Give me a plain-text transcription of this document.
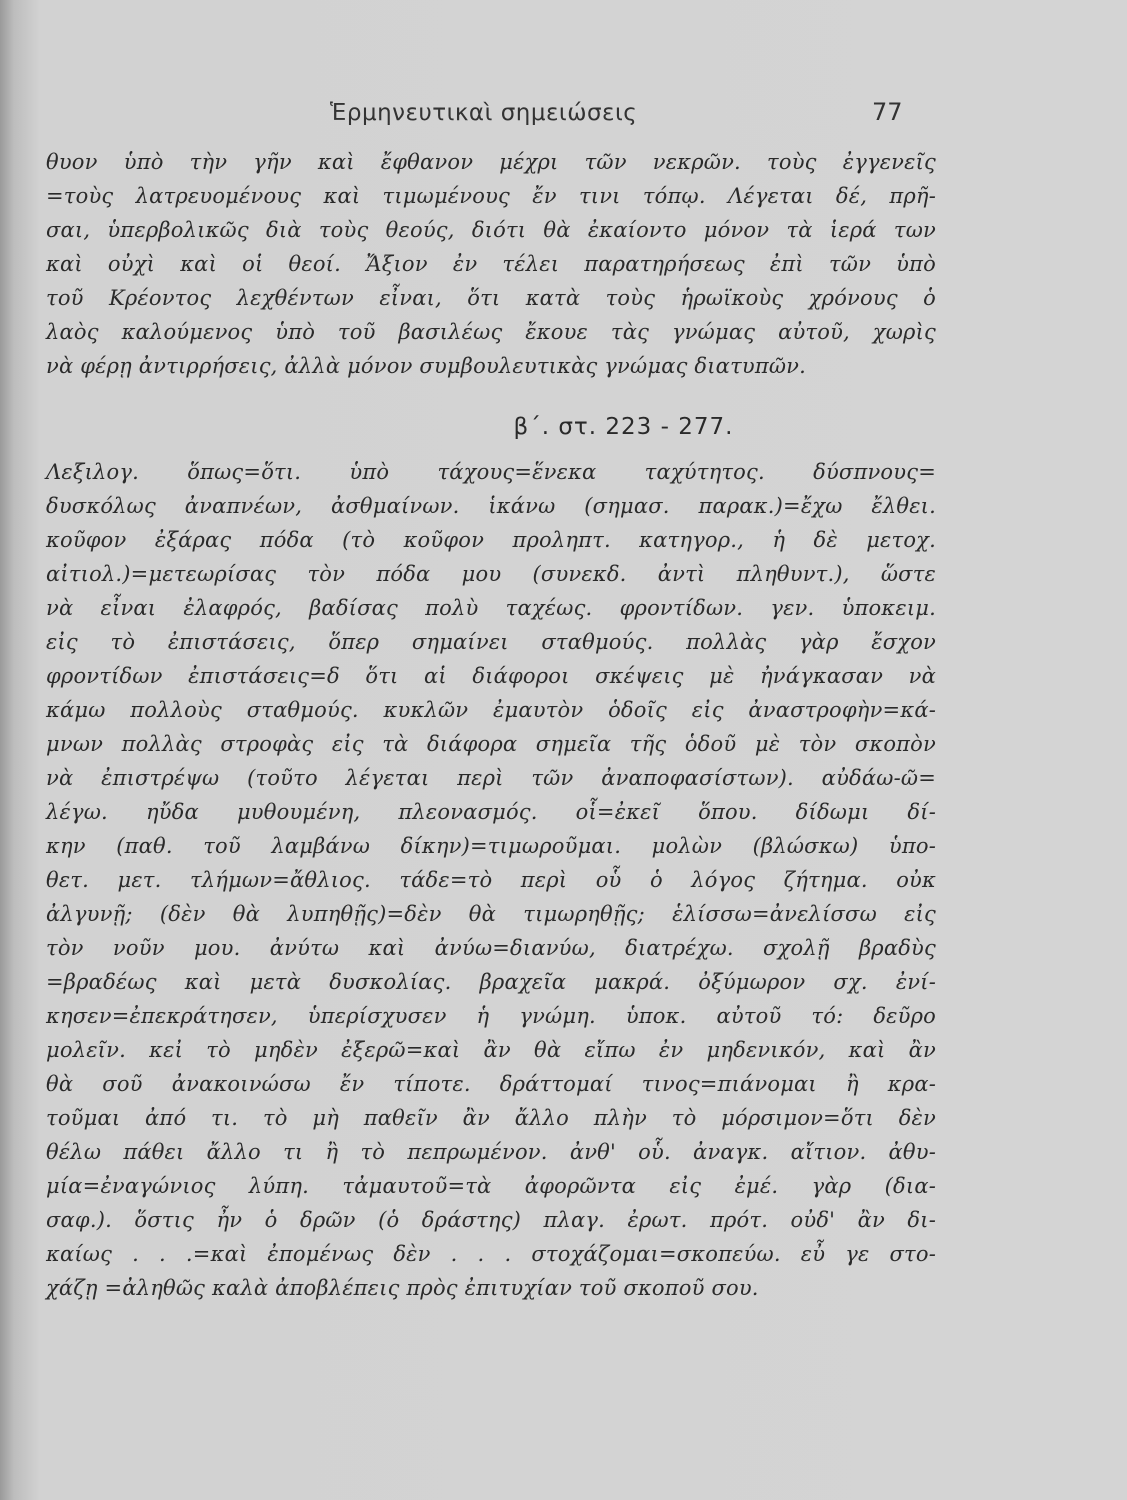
Ἑρμηνευτικαὶ σημειώσεις	77
θυον ὑπὸ τὴν γῆν καὶ ἔφθανον μέχρι τῶν νεκρῶν. τοὺς ἐγγενεῖς
=τοὺς λατρευομένους καὶ τιμωμένους ἔν τινι τόπῳ. Λέγεται δέ, πρῆ-
σαι, ὑπερβολικῶς διὰ τοὺς θεούς, διότι θὰ ἐκαίοντο μόνον τὰ ἱερά των
καὶ οὐχὶ καὶ οἱ θεοί. Ἄξιον ἐν τέλει παρατηρήσεως ἐπὶ τῶν ὑπὸ
τοῦ Κρέοντος λεχθέντων εἶναι, ὅτι κατὰ τοὺς ἡρωϊκοὺς χρόνους ὁ
λαὸς καλούμενος ὑπὸ τοῦ βασιλέως ἔκουε τὰς γνώμας αὐτοῦ, χωρὶς
νὰ φέρῃ ἀντιρρήσεις, ἀλλὰ μόνον συμβουλευτικὰς γνώμας διατυπῶν.
Λεξιλογ. ὅπως=ὅτι. ὑπὸ τάχους=ἕνεκα ταχύτητος. δύσπνους=
δυσκόλως ἀναπνέων, ἀσθμαίνων. ἱκάνω (σημασ. παρακ.)=ἔχω ἔλθει.
κοῦφον ἐξάρας πόδα (τὸ κοῦφον προληπτ. κατηγορ., ἡ δὲ μετοχ.
αἰτιολ.)=μετεωρίσας τὸν πόδα μου (συνεκδ. ἀντὶ πληθυντ.), ὥστε
νὰ εἶναι ἐλαφρός, βαδίσας πολὺ ταχέως. φροντίδων. γεν. ὑποκειμ.
εἰς τὸ ἐπιστάσεις, ὅπερ σημαίνει σταθμούς. πολλὰς γὰρ ἔσχον
φροντίδων ἐπιστάσεις=δ ὅτι αἱ διάφοροι σκέψεις μὲ ἠνάγκασαν νὰ
κάμω πολλοὺς σταθμούς. κυκλῶν ἐμαυτὸν ὁδοῖς εἰς ἀναστροφὴν=κά-
μνων πολλὰς στροφὰς εἰς τὰ διάφορα σημεῖα τῆς ὁδοῦ μὲ τὸν σκοπὸν
νὰ ἐπιστρέψω (τοῦτο λέγεται περὶ τῶν ἀναποφασίστων). αὐδάω-ῶ=
λέγω. ηὔδα μυθουμένη, πλεονασμός. οἷ=ἐκεῖ ὅπου. δίδωμι δί-
κην (παθ. τοῦ λαμβάνω δίκην)=τιμωροῦμαι. μολὼν (βλώσκω) ὑπο-
θετ. μετ. τλήμων=ἄθλιος. τάδε=τὸ περὶ οὗ ὁ λόγος ζήτημα. οὐκ
ἀλγυνῇ; (δὲν θὰ λυπηθῇς)=δὲν θὰ τιμωρηθῇς; ἑλίσσω=ἀνελίσσω εἰς
τὸν νοῦν μου. ἀνύτω καὶ ἀνύω=διανύω, διατρέχω. σχολῇ βραδὺς
=βραδέως καὶ μετὰ δυσκολίας. βραχεῖα μακρά. ὀξύμωρον σχ. ἐνί-
κησεν=ἐπεκράτησεν, ὑπερίσχυσεν ἡ γνώμη. ὑποκ. αὐτοῦ τό: δεῦρο
μολεῖν. κεἰ τὸ μηδὲν ἐξερῶ=καὶ ἂν θὰ εἴπω ἐν μηδενικόν, καὶ ἂν
θὰ σοῦ ἀνακοινώσω ἔν τίποτε. δράττομαί τινος=πιάνομαι ἢ κρα-
τοῦμαι ἀπό τι. τὸ μὴ παθεῖν ἂν ἄλλο πλὴν τὸ μόρσιμον=ὅτι δὲν
θέλω πάθει ἄλλο τι ἢ τὸ πεπρωμένον. ἀνθ' οὗ. ἀναγκ. αἴτιον. ἀθυ-
μία=ἐναγώνιος λύπη. τἀμαυτοῦ=τὰ ἀφορῶντα εἰς ἐμέ. γὰρ (δια-
σαφ.). ὅστις ἦν ὁ δρῶν (ὁ δράστης) πλαγ. ἐρωτ. πρότ. οὐδ' ἂν δι-
καίως . . .=καὶ ἐπομένως δὲν . . . στοχάζομαι=σκοπεύω. εὖ γε στο-
χάζῃ =ἀληθῶς καλὰ ἀποβλέπεις πρὸς ἐπιτυχίαν τοῦ σκοποῦ σου.
β΄. στ. 223 - 277.
